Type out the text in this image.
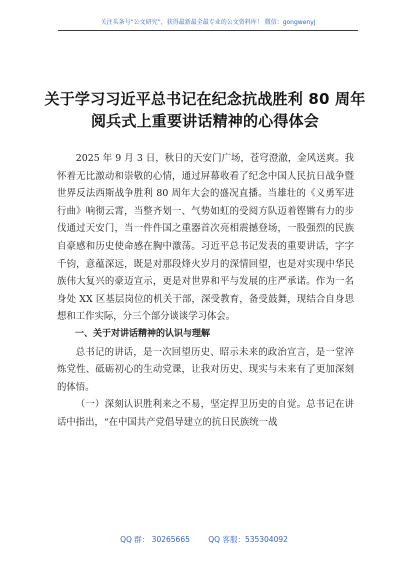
关注头条号“公文研究”，获得最新最全最专业的公文资料库！ 微信：gongwenyj
关于学习习近平总书记在纪念抗战胜利 80 周年阅兵式上重要讲话精神的心得体会

2025 年 9 月 3 日，秋日的天安门广场，苍穹澄澈，金风送爽。我怀着无比激动和崇敬的心情，通过屏幕收看了纪念中国人民抗日战争暨世界反法西斯战争胜利 80 周年大会的盛况直播。当雄壮的《义勇军进行曲》响彻云霄，当整齐划一、气势如虹的受阅方队迈着铿锵有力的步伐通过天安门，当一件件国之重器首次亮相震撼登场，一股强烈的民族自豪感和历史使命感在胸中激荡。习近平总书记发表的重要讲话，字字千钧，意蕴深远，既是对那段烽火岁月的深情回望，也是对实现中华民族伟大复兴的豪迈宣示，更是对世界和平与发展的庄严承诺。作为一名身处 XX 区基层岗位的机关干部，深受教育，备受鼓舞，现结合自身思想和工作实际，分三个部分谈谈学习体会。

一、关于对讲话精神的认识与理解

总书记的讲话，是一次回望历史、昭示未来的政治宣言，是一堂淬炼党性、砥砺初心的生动党课，让我对历史、现实与未来有了更加深刻的体悟。

（一）深刻认识胜利来之不易，坚定捍卫历史的自觉。总书记在讲话中指出，“在中国共产党倡导建立的抗日民族统一战

QQ 群： 30265665 QQ 客服：535304092
